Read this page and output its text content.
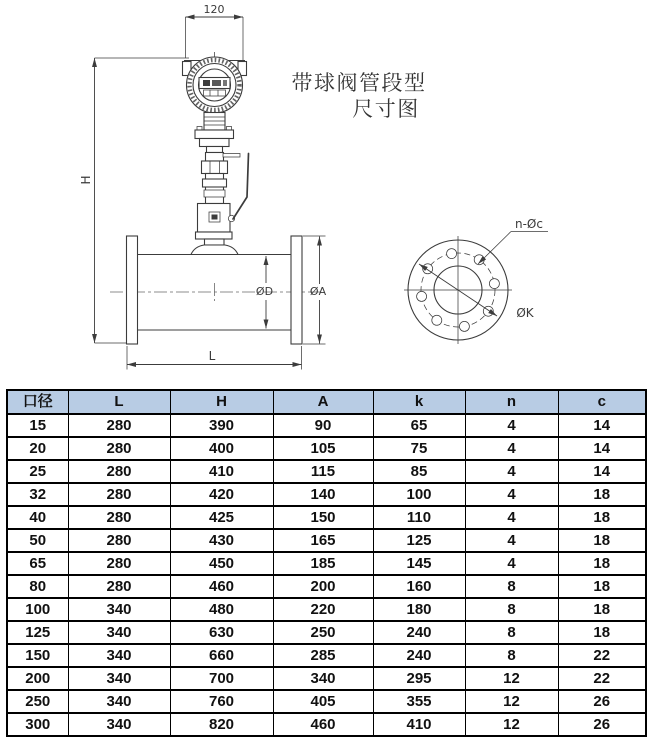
带球阀管段型
尺寸图
120
H
ØD	ØA
L
ØK
n-Øc
口径	L	H	A	k	n	c
15	280	390	90	65	4	14
20	280	400	105	75	4	14
25	280	410	115	85	4	14
32	280	420	140	100	4	18
40	280	425	150	110	4	18
50	280	430	165	125	4	18
65	280	450	185	145	4	18
80	280	460	200	160	8	18
100	340	480	220	180	8	18
125	340	630	250	240	8	18
150	340	660	285	240	8	22
200	340	700	340	295	12	22
250	340	760	405	355	12	26
300	340	820	460	410	12	26
